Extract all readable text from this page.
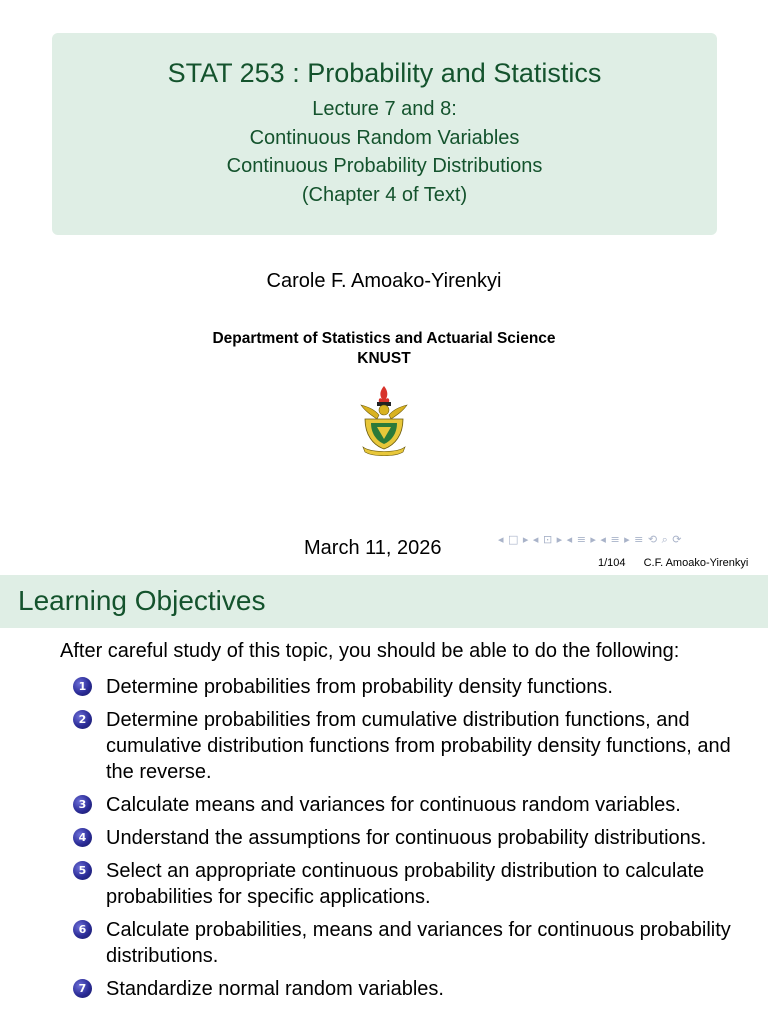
STAT 253 : Probability and Statistics
Lecture 7 and 8:
Continuous Random Variables
Continuous Probability Distributions
(Chapter 4 of Text)
Carole F. Amoako-Yirenkyi
Department of Statistics and Actuarial Science
KNUST
March 11, 2026	◂ □ ▸ ◂ ⊡ ▸ ◂ ≡ ▸ ◂ ≡ ▸ ≡ ⟲ ⌕ ⟳
1/104 C.F. Amoako-Yirenkyi
Learning Objectives
After careful study of this topic, you should be able to do the following:
1 Determine probabilities from probability density functions.
2 Determine probabilities from cumulative distribution functions, and cumulative distribution functions from probability density functions, and the reverse.
3 Calculate means and variances for continuous random variables.
4 Understand the assumptions for continuous probability distributions.
5 Select an appropriate continuous probability distribution to calculate probabilities for specific applications.
6 Calculate probabilities, means and variances for continuous probability distributions.
7 Standardize normal random variables.
